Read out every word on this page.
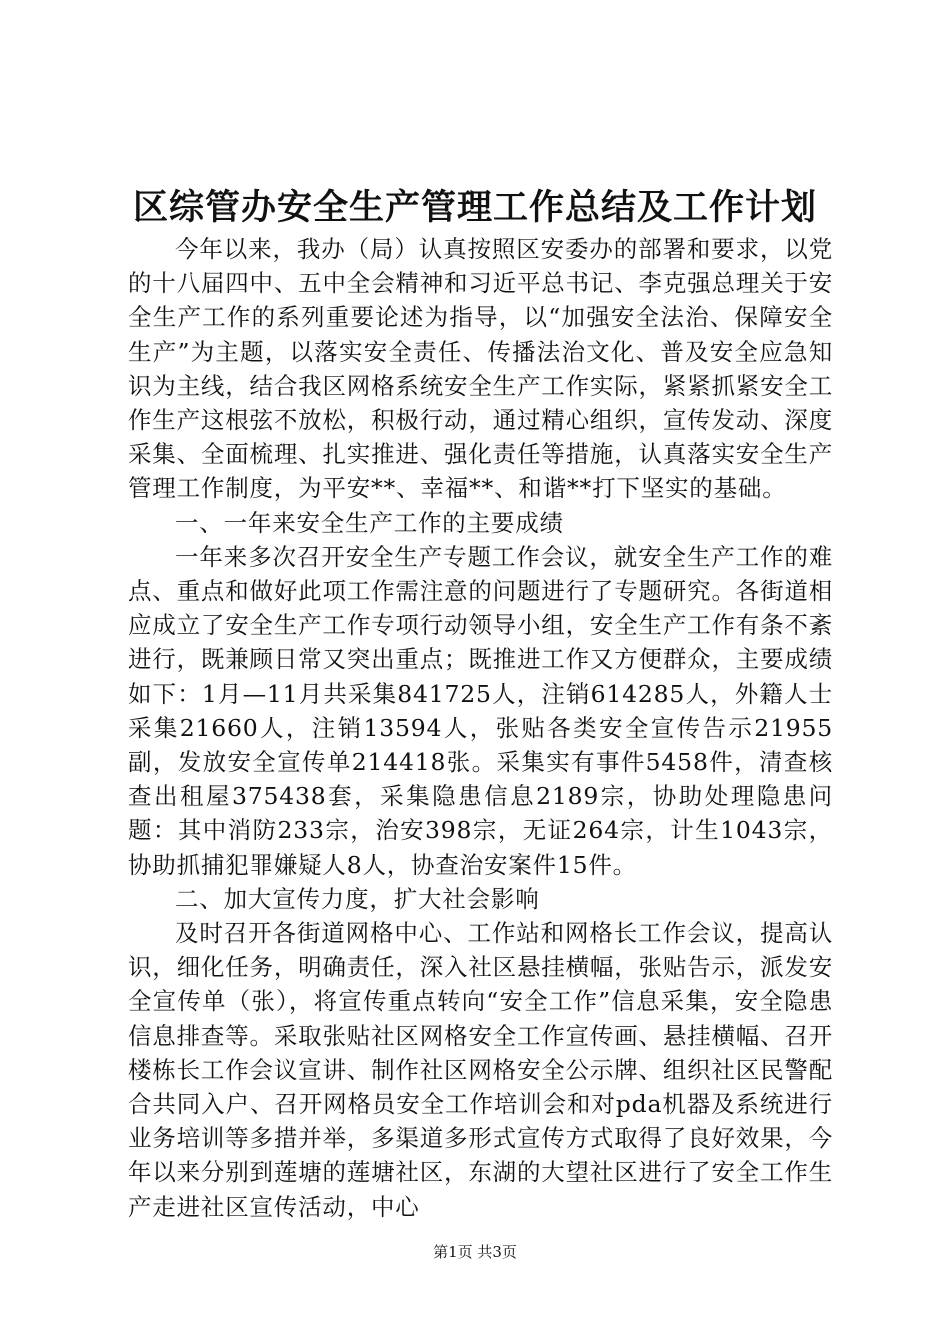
区综管办安全生产管理工作总结及工作计划

今年以来，我办（局）认真按照区安委办的部署和要求，以党的十八届四中、五中全会精神和习近平总书记、李克强总理关于安全生产工作的系列重要论述为指导，以“加强安全法治、保障安全生产”为主题，以落实安全责任、传播法治文化、普及安全应急知识为主线，结合我区网格系统安全生产工作实际，紧紧抓紧安全工作生产这根弦不放松，积极行动，通过精心组织，宣传发动、深度采集、全面梳理、扎实推进、强化责任等措施，认真落实安全生产管理工作制度，为平安**、幸福**、和谐**打下坚实的基础。

一、一年来安全生产工作的主要成绩

一年来多次召开安全生产专题工作会议，就安全生产工作的难点、重点和做好此项工作需注意的问题进行了专题研究。各街道相应成立了安全生产工作专项行动领导小组，安全生产工作有条不紊进行，既兼顾日常又突出重点；既推进工作又方便群众，主要成绩如下：1月—11月共采集841725人，注销614285人，外籍人士采集21660人，注销13594人，张贴各类安全宣传告示21955副，发放安全宣传单214418张。采集实有事件5458件，清查核查出租屋375438套，采集隐患信息2189宗，协助处理隐患问题：其中消防233宗，治安398宗，无证264宗，计生1043宗，协助抓捕犯罪嫌疑人8人，协查治安案件15件。

二、加大宣传力度，扩大社会影响

及时召开各街道网格中心、工作站和网格长工作会议，提高认识，细化任务，明确责任，深入社区悬挂横幅，张贴告示，派发安全宣传单（张），将宣传重点转向“安全工作”信息采集，安全隐患信息排查等。采取张贴社区网格安全工作宣传画、悬挂横幅、召开楼栋长工作会议宣讲、制作社区网格安全公示牌、组织社区民警配合共同入户、召开网格员安全工作培训会和对pda机器及系统进行业务培训等多措并举，多渠道多形式宣传方式取得了良好效果，今年以来分别到莲塘的莲塘社区，东湖的大望社区进行了安全工作生产走进社区宣传活动，中心

第1页 共3页
